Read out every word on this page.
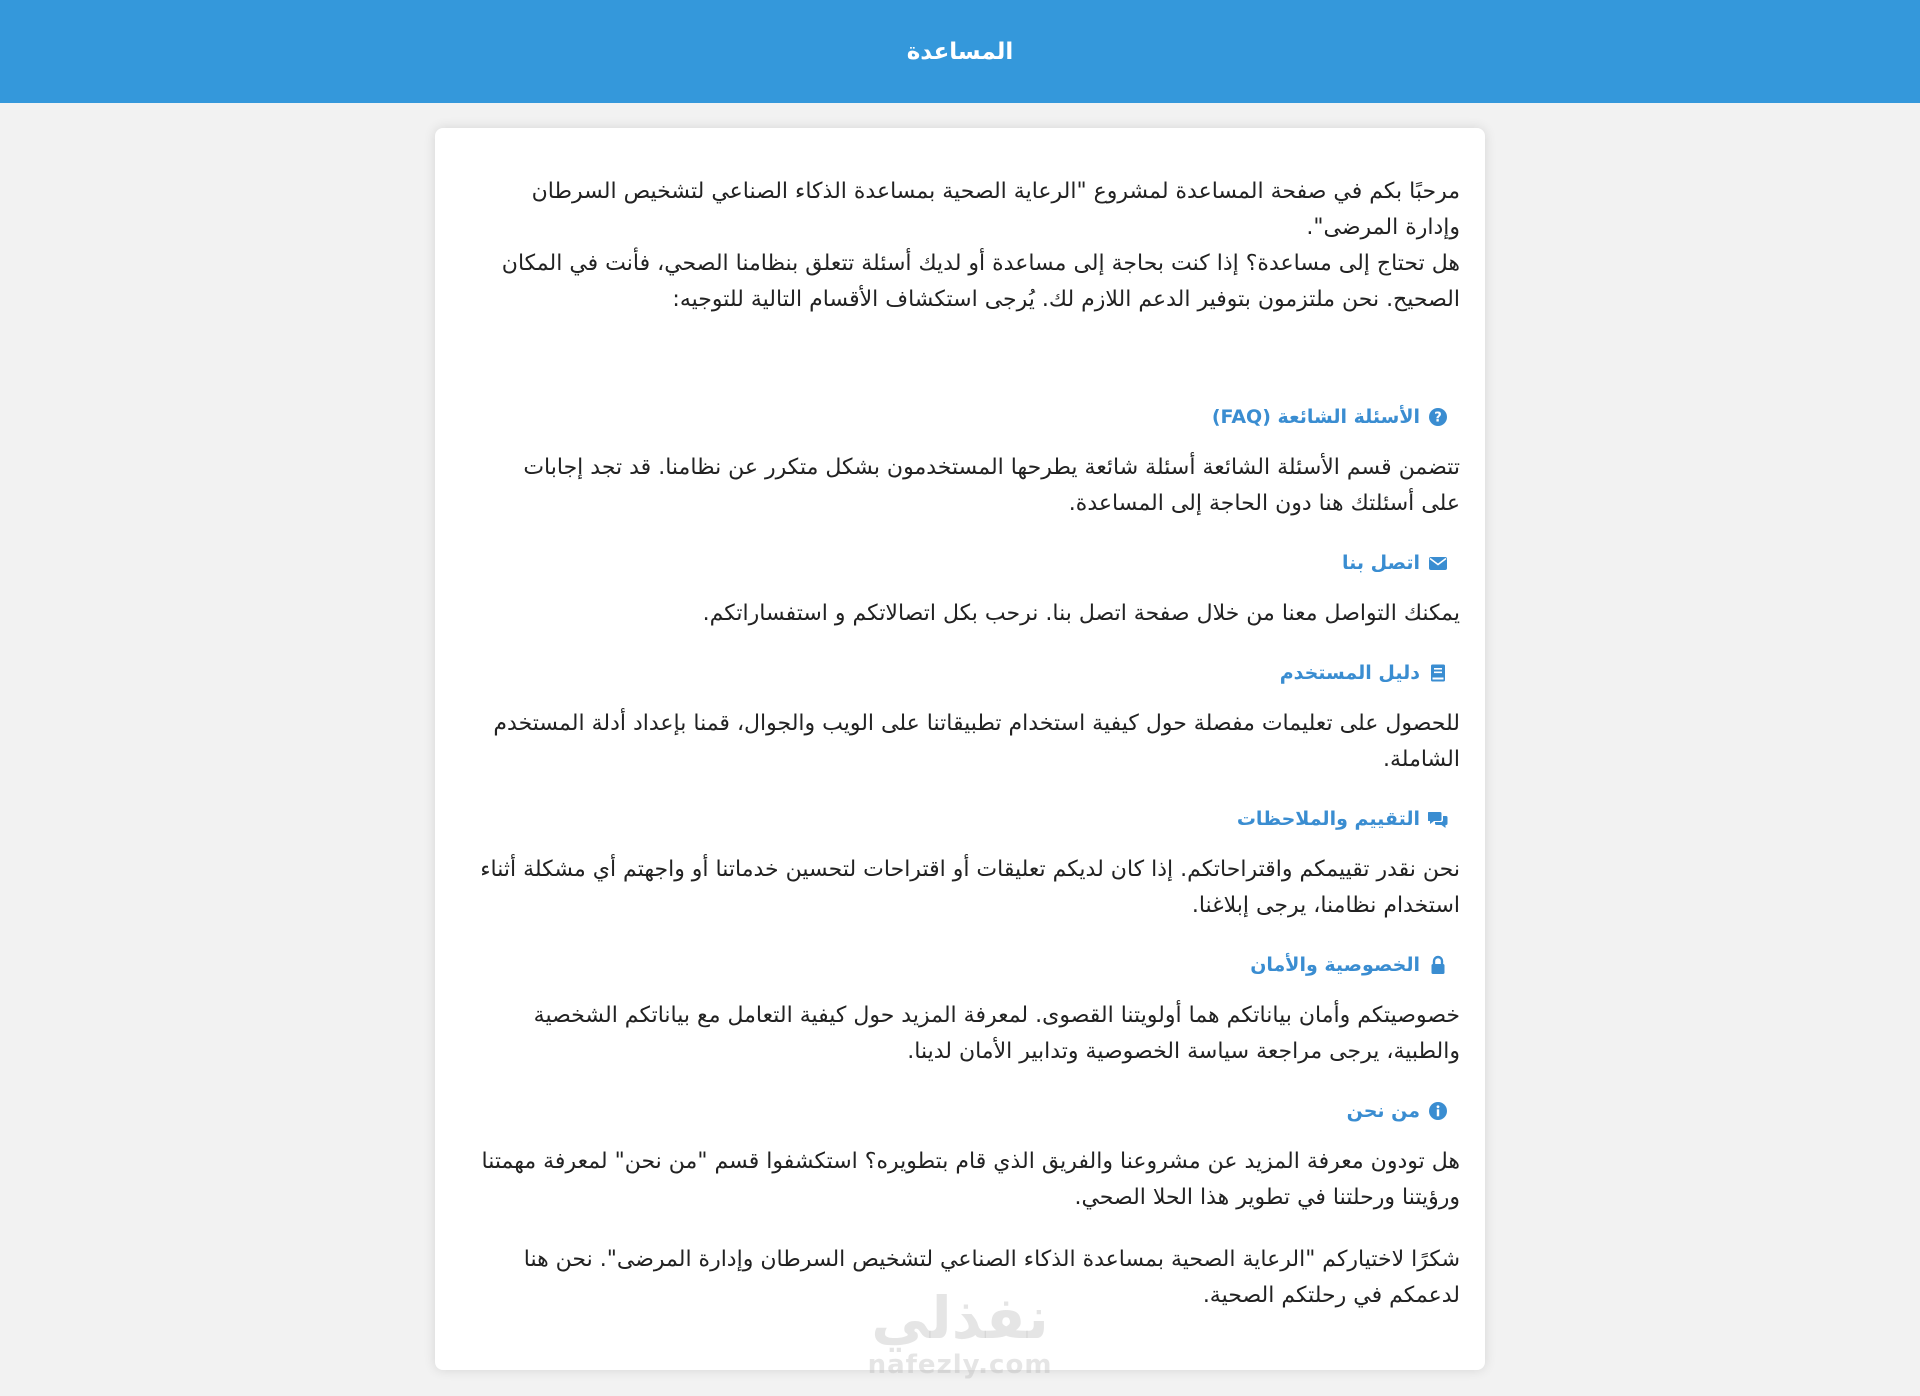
المساعدة

مرحبًا بكم في صفحة المساعدة لمشروع "الرعاية الصحية بمساعدة الذكاء الصناعي لتشخيص السرطان وإدارة المرضى".

هل تحتاج إلى مساعدة؟ إذا كنت بحاجة إلى مساعدة أو لديك أسئلة تتعلق بنظامنا الصحي، فأنت في المكان الصحيح. نحن ملتزمون بتوفير الدعم اللازم لك. يُرجى استكشاف الأقسام التالية للتوجيه:

?
الأسئلة الشائعة (FAQ)

تتضمن قسم الأسئلة الشائعة أسئلة شائعة يطرحها المستخدمون بشكل متكرر عن نظامنا. قد تجد إجابات على أسئلتك هنا دون الحاجة إلى المساعدة.

اتصل بنا

يمكنك التواصل معنا من خلال صفحة اتصل بنا. نرحب بكل اتصالاتكم و استفساراتكم.

دليل المستخدم

للحصول على تعليمات مفصلة حول كيفية استخدام تطبيقاتنا على الويب والجوال، قمنا بإعداد أدلة المستخدم الشاملة.

التقييم والملاحظات

نحن نقدر تقييمكم واقتراحاتكم. إذا كان لديكم تعليقات أو اقتراحات لتحسين خدماتنا أو واجهتم أي مشكلة أثناء استخدام نظامنا، يرجى إبلاغنا.

الخصوصية والأمان

خصوصيتكم وأمان بياناتكم هما أولويتنا القصوى. لمعرفة المزيد حول كيفية التعامل مع بياناتكم الشخصية والطبية، يرجى مراجعة سياسة الخصوصية وتدابير الأمان لدينا.

من نحن

هل تودون معرفة المزيد عن مشروعنا والفريق الذي قام بتطويره؟ استكشفوا قسم "من نحن" لمعرفة مهمتنا ورؤيتنا ورحلتنا في تطوير هذا الحلا الصحي.

شكرًا لاختياركم "الرعاية الصحية بمساعدة الذكاء الصناعي لتشخيص السرطان وإدارة المرضى". نحن هنا لدعمكم في رحلتكم الصحية.

نفذلي
nafezly.com
